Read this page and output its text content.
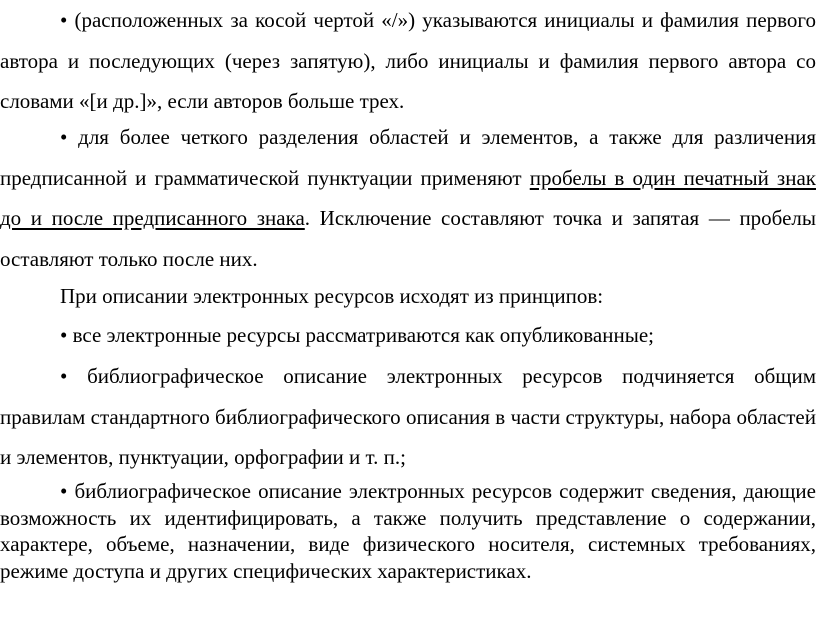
• (расположенных за косой чертой «/») указываются инициалы и фамилия первого автора и последующих (через запятую), либо инициалы и фамилия первого автора со словами «[и др.]», если авторов больше трех.

• для более четкого разделения областей и элементов, а также для различения предписанной и грамматической пунктуации применяют пробелы в один печатный знак до и после предписанного знака. Исключение составляют точка и запятая — пробелы оставляют только после них.

При описании электронных ресурсов исходят из принципов:

• все электронные ресурсы рассматриваются как опубликованные;

• библиографическое описание электронных ресурсов подчиняется общим правилам стандартного библиографического описания в части структуры, набора областей и элементов, пунктуации, орфографии и т. п.;

• библиографическое описание электронных ресурсов содержит сведения, дающие возможность их идентифицировать, а также получить представление о содержании, характере, объеме, назначении, виде физического носителя, системных требованиях, режиме доступа и других специфических характеристиках.
